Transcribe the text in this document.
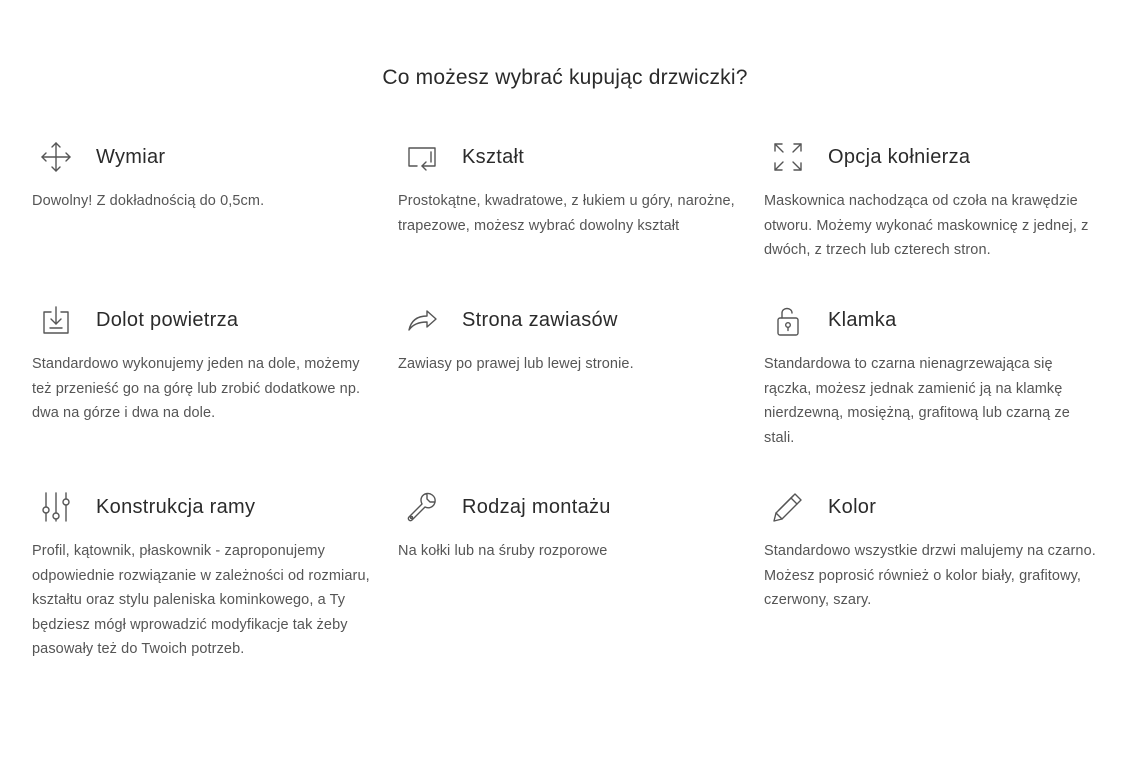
Co możesz wybrać kupując drzwiczki?
Wymiar
Dowolny! Z dokładnością do 0,5cm.
Kształt
Prostokątne, kwadratowe, z łukiem u góry, narożne, trapezowe, możesz wybrać dowolny kształt
Opcja kołnierza
Maskownica nachodząca od czoła na krawędzie otworu. Możemy wykonać maskownicę z jednej, z dwóch, z trzech lub czterech stron.
Dolot powietrza
Standardowo wykonujemy jeden na dole, możemy też przenieść go na górę lub zrobić dodatkowe np. dwa na górze i dwa na dole.
Strona zawiasów
Zawiasy po prawej lub lewej stronie.
Klamka
Standardowa to czarna nienagrzewająca się rączka, możesz jednak zamienić ją na klamkę nierdzewną, mosiężną, grafitową lub czarną ze stali.
Konstrukcja ramy
Profil, kątownik, płaskownik - zaproponujemy odpowiednie rozwiązanie w zależności od rozmiaru, kształtu oraz stylu paleniska kominkowego, a Ty będziesz mógł wprowadzić modyfikacje tak żeby pasowały też do Twoich potrzeb.
Rodzaj montażu
Na kołki lub na śruby rozporowe
Kolor
Standardowo wszystkie drzwi malujemy na czarno. Możesz poprosić również o kolor biały, grafitowy, czerwony, szary.
